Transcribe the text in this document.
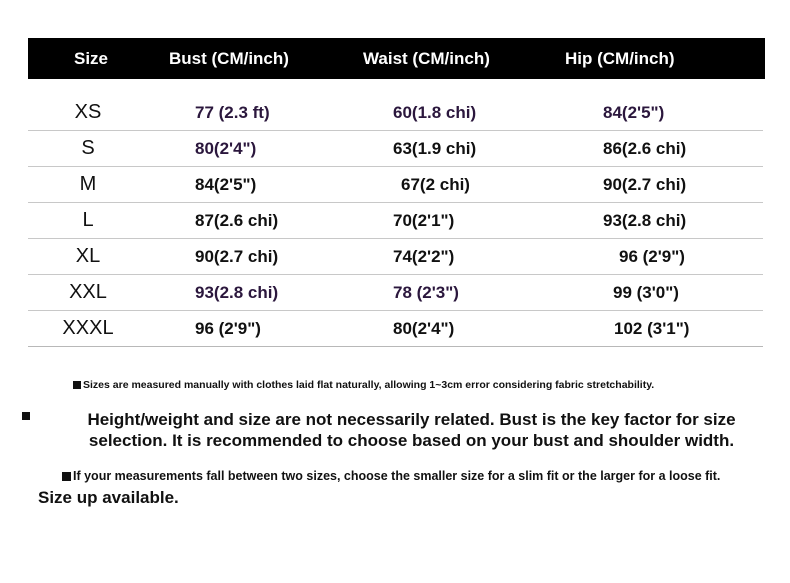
Size	Bust (CM/inch)	Waist (CM/inch)	Hip (CM/inch)
XS	77 (2.3 ft)	60(1.8 chi)	84(2'5")
S	80(2'4")	63(1.9 chi)	86(2.6 chi)
M	84(2'5")	67(2 chi)	90(2.7 chi)
L	87(2.6 chi)	70(2'1")	93(2.8 chi)
XL	90(2.7 chi)	74(2'2")	96 (2'9")
XXL	93(2.8 chi)	78 (2'3")	99 (3'0")
XXXL	96 (2'9")	80(2'4")	102 (3'1")
Sizes are measured manually with clothes laid flat naturally, allowing 1~3cm error considering fabric stretchability.
Height/weight and size are not necessarily related. Bust is the key factor for size
selection. It is recommended to choose based on your bust and shoulder width.
If your measurements fall between two sizes, choose the smaller size for a slim fit or the larger for a loose fit.
Size up available.
